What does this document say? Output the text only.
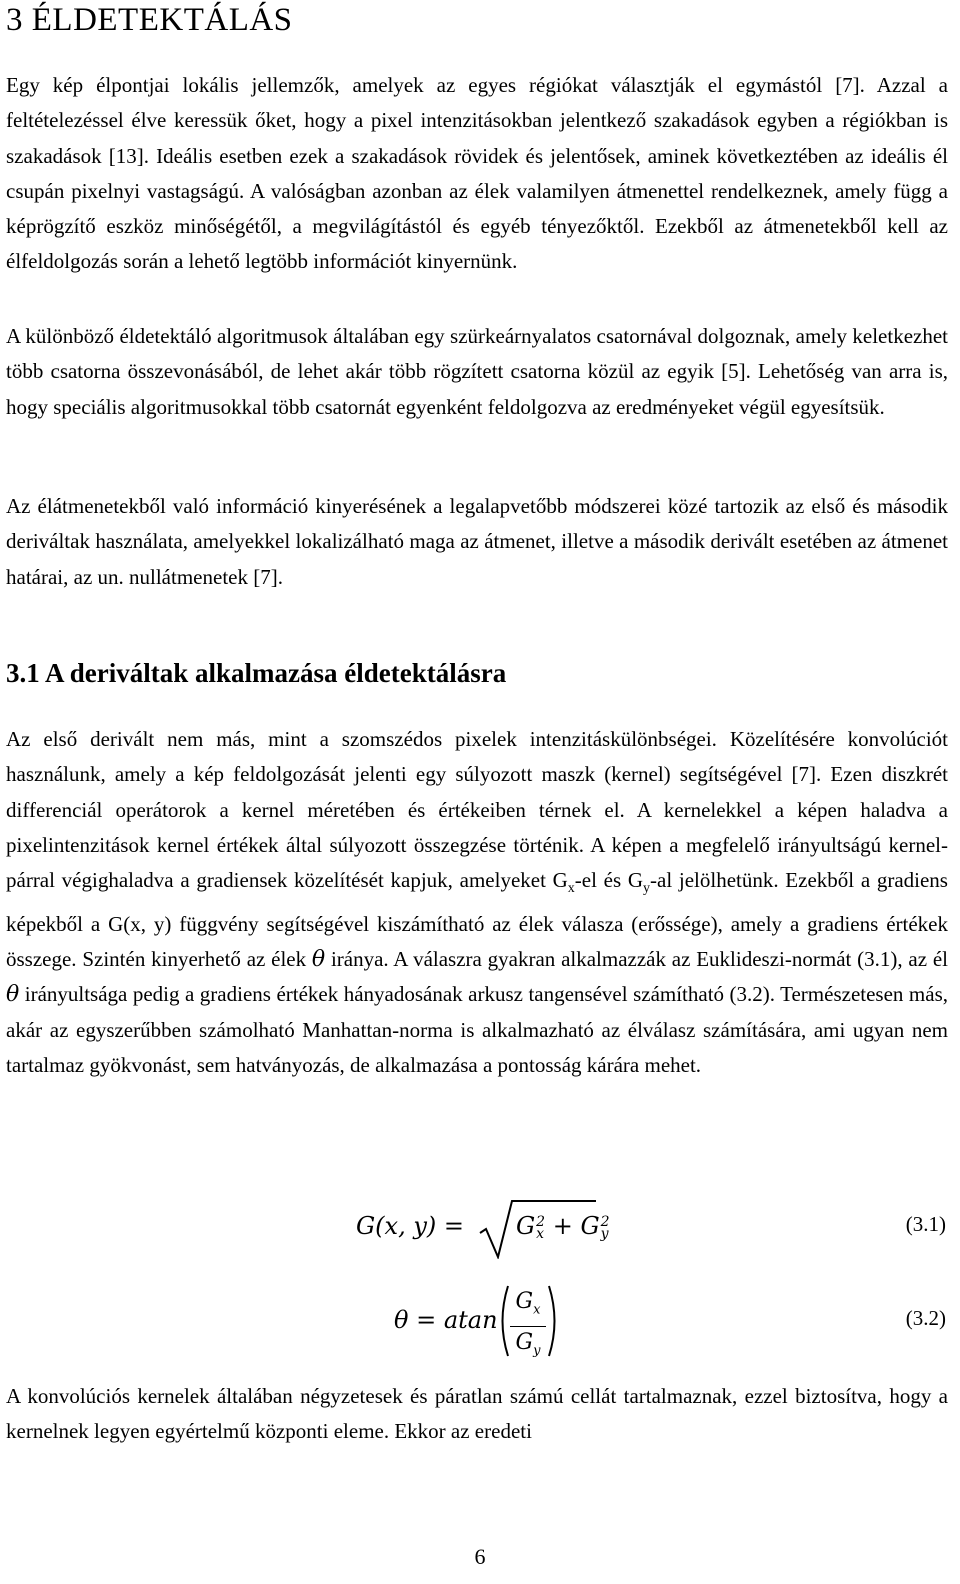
3 ÉLDETEKTÁLÁS

Egy kép élpontjai lokális jellemzők, amelyek az egyes régiókat választják el egymástól [7]. Azzal a feltételezéssel élve keressük őket, hogy a pixel intenzitásokban jelentkező szakadások egyben a régiókban is szakadások [13]. Ideális esetben ezek a szakadások rövidek és jelentősek, aminek következtében az ideális él csupán pixelnyi vastagságú. A valóságban azonban az élek valamilyen átmenettel rendelkeznek, amely függ a képrögzítő eszköz minőségétől, a megvilágítástól és egyéb tényezőktől. Ezekből az átmenetekből kell az élfeldolgozás során a lehető legtöbb információt kinyernünk.

A különböző éldetektáló algoritmusok általában egy szürkeárnyalatos csatornával dolgoznak, amely keletkezhet több csatorna összevonásából, de lehet akár több rögzített csatorna közül az egyik [5]. Lehetőség van arra is, hogy speciális algoritmusokkal több csatornát egyenként feldolgozva az eredményeket végül egyesítsük.

Az élátmenetekből való információ kinyerésének a legalapvetőbb módszerei közé tartozik az első és második deriváltak használata, amelyekkel lokalizálható maga az átmenet, illetve a második derivált esetében az átmenet határai, az un. nullátmenetek [7].

3.1 A deriváltak alkalmazása éldetektálásra

Az első derivált nem más, mint a szomszédos pixelek intenzitáskülönbségei. Közelítésére konvolúciót használunk, amely a kép feldolgozását jelenti egy súlyozott maszk (kernel) segítségével [7]. Ezen diszkrét differenciál operátorok a kernel méretében és értékeiben térnek el. A kernelekkel a képen haladva a pixelintenzitások kernel értékek által súlyozott összegzése történik. A képen a megfelelő irányultságú kernel-párral végighaladva a gradiensek közelítését kapjuk, amelyeket $G_x-el$ és $G_y-al$ jelölhetünk. Ezekből a gradiens képekből a G(x, y) függvény segítségével kiszámítható az élek válasza (erőssége), amely a gradiens értékek összege. Szintén kinyerhető az élek θ iránya. A válaszra gyakran alkalmazzák az Euklideszi-normát (3.1), az él θ irányultsága pedig a gradiens értékek hányadosának arkusz tangensével számítható (3.2). Természetesen más, akár az egyszerűbben számolható Manhattan-norma is alkalmazható az élválasz számítására, ami ugyan nem tartalmaz gyökvonást, sem hatványozás, de alkalmazása a pontosság kárára mehet.

G(x, y) = G 2
x + G 2
y	(3.1)
θ = atan
$G_x$
$G_y$
(3.2)

A konvolúciós kernelek általában négyzetesek és páratlan számú cellát tartalmaznak, ezzel biztosítva, hogy a kernelnek legyen egyértelmű központi eleme. Ekkor az eredeti

6
